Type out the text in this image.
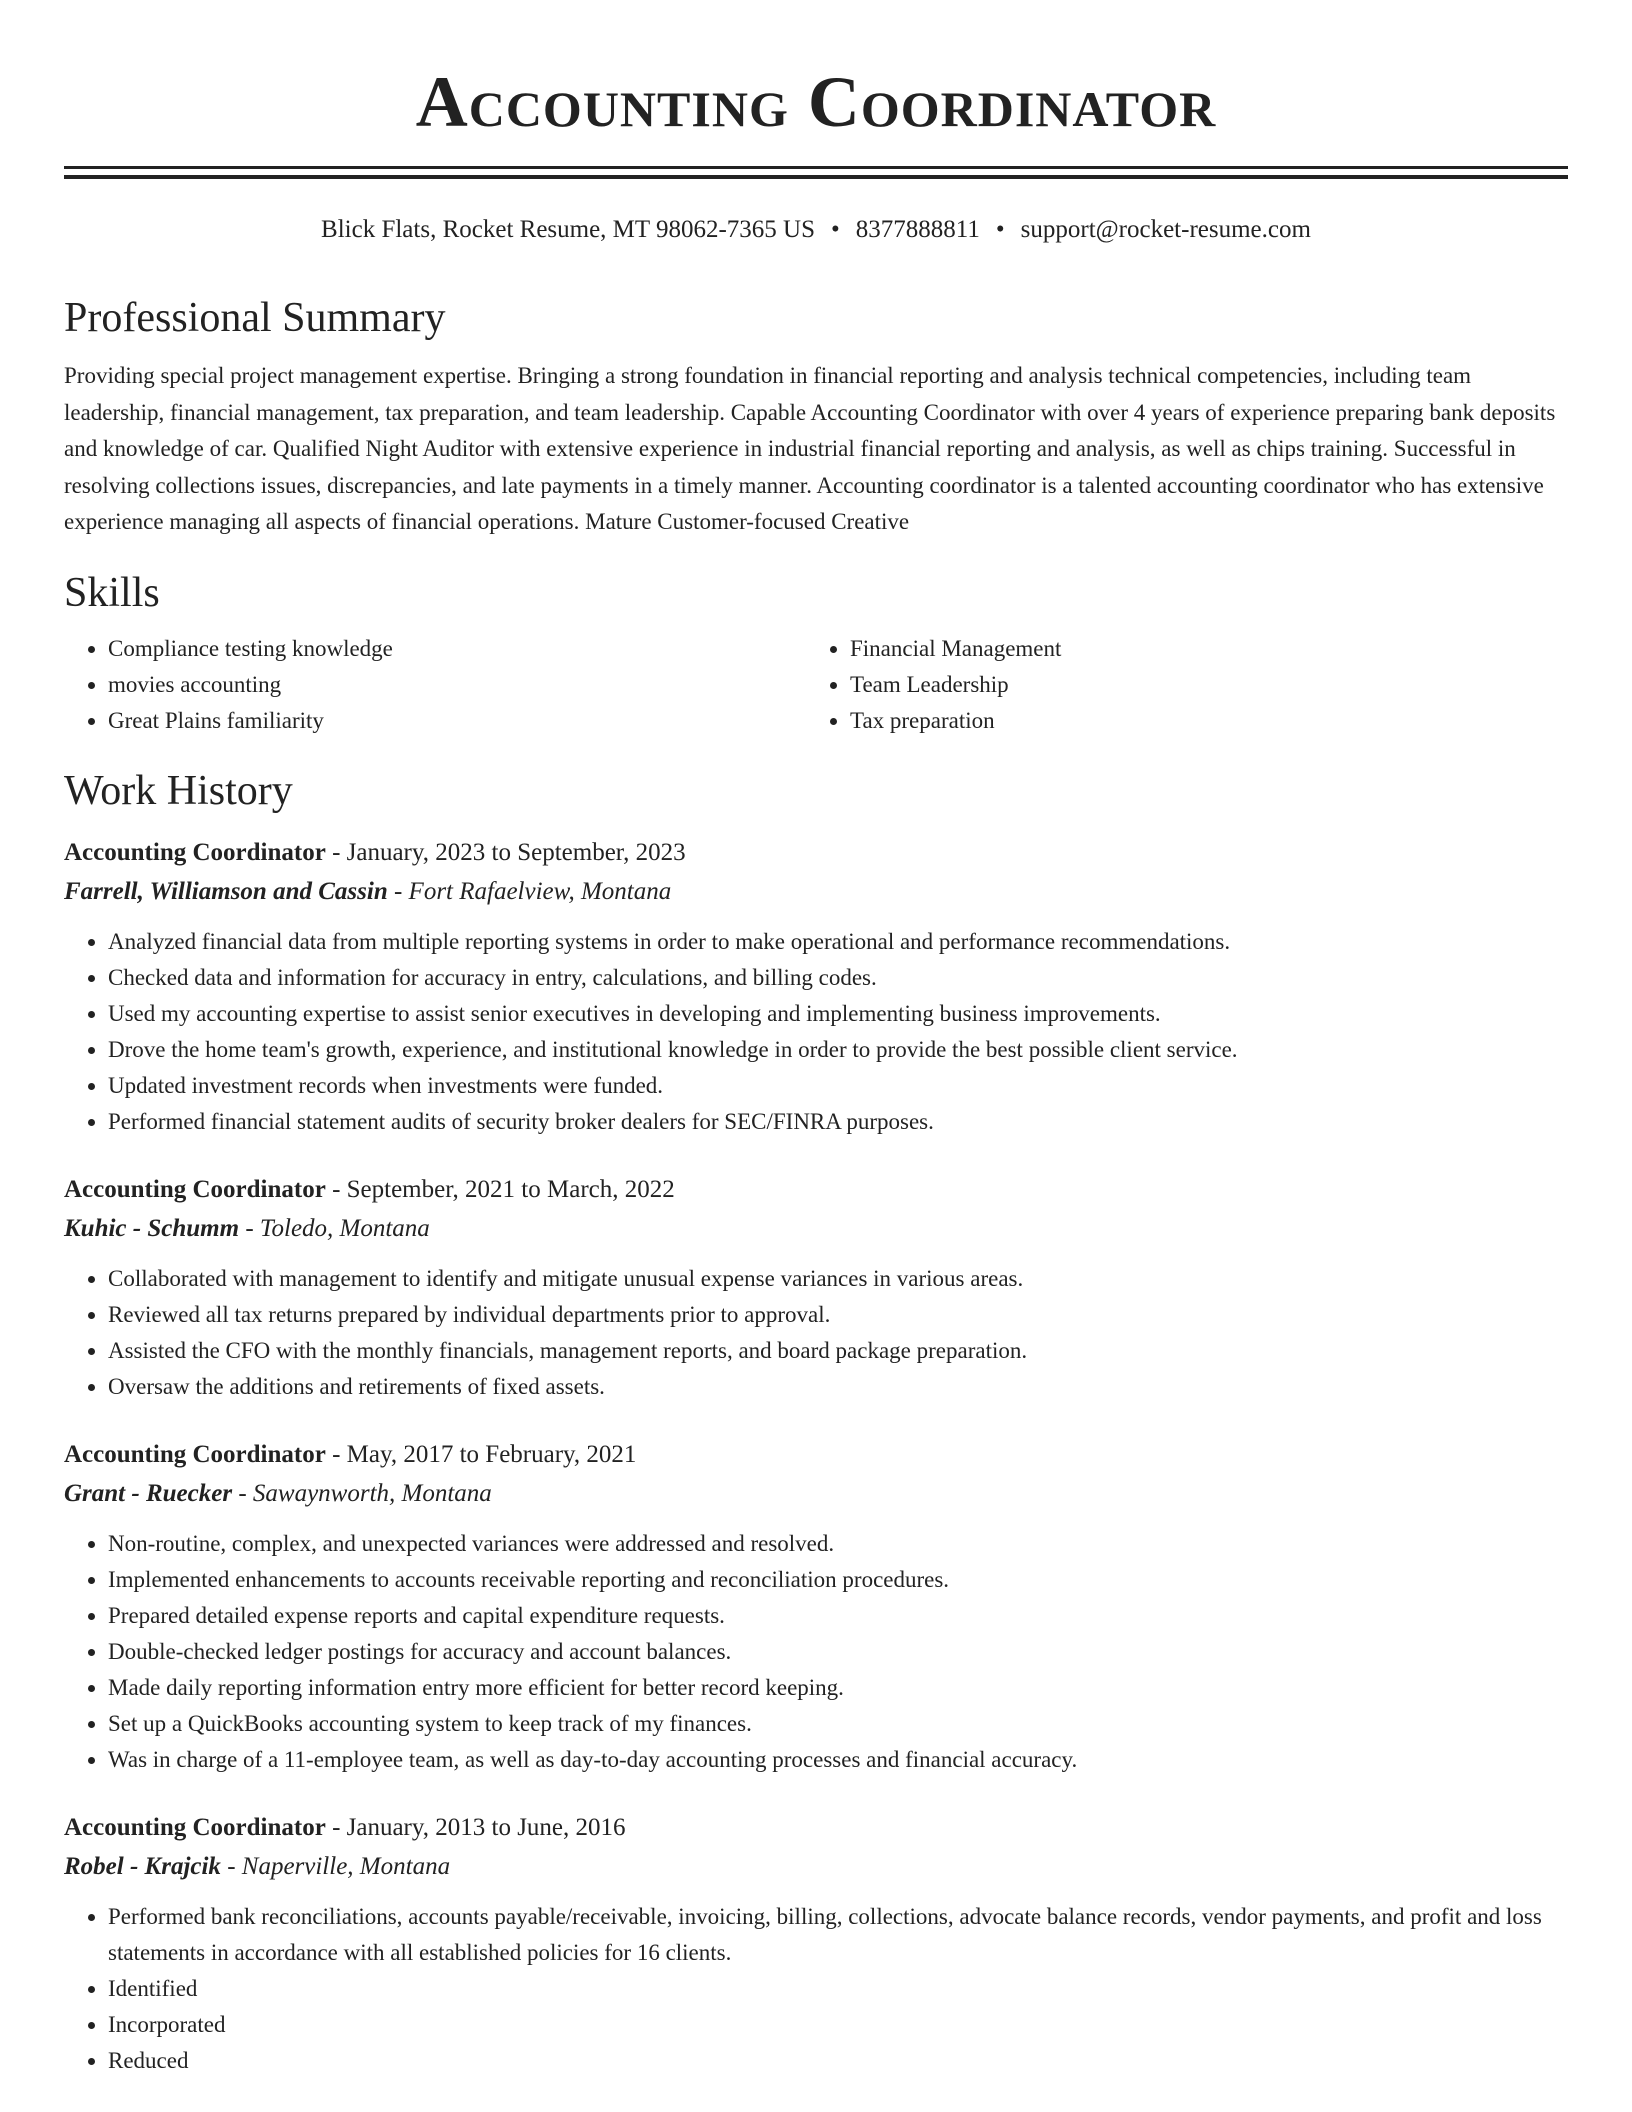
Accounting Coordinator
Blick Flats, Rocket Resume, MT 98062-7365 US • 8377888811 • support@rocket-resume.com
Professional Summary
Providing special project management expertise. Bringing a strong foundation in financial reporting and analysis technical competencies, including team leadership, financial management, tax preparation, and team leadership. Capable Accounting Coordinator with over 4 years of experience preparing bank deposits and knowledge of car. Qualified Night Auditor with extensive experience in industrial financial reporting and analysis, as well as chips training. Successful in resolving collections issues, discrepancies, and late payments in a timely manner. Accounting coordinator is a talented accounting coordinator who has extensive experience managing all aspects of financial operations. Mature Customer-focused Creative
Skills
• Compliance testing knowledge
• movies accounting
• Great Plains familiarity
• Financial Management
• Team Leadership
• Tax preparation
Work History
Accounting Coordinator - January, 2023 to September, 2023
Farrell, Williamson and Cassin - Fort Rafaelview, Montana
• Analyzed financial data from multiple reporting systems in order to make operational and performance recommendations.
• Checked data and information for accuracy in entry, calculations, and billing codes.
• Used my accounting expertise to assist senior executives in developing and implementing business improvements.
• Drove the home team's growth, experience, and institutional knowledge in order to provide the best possible client service.
• Updated investment records when investments were funded.
• Performed financial statement audits of security broker dealers for SEC/FINRA purposes.
Accounting Coordinator - September, 2021 to March, 2022
Kuhic - Schumm - Toledo, Montana
• Collaborated with management to identify and mitigate unusual expense variances in various areas.
• Reviewed all tax returns prepared by individual departments prior to approval.
• Assisted the CFO with the monthly financials, management reports, and board package preparation.
• Oversaw the additions and retirements of fixed assets.
Accounting Coordinator - May, 2017 to February, 2021
Grant - Ruecker - Sawaynworth, Montana
• Non-routine, complex, and unexpected variances were addressed and resolved.
• Implemented enhancements to accounts receivable reporting and reconciliation procedures.
• Prepared detailed expense reports and capital expenditure requests.
• Double-checked ledger postings for accuracy and account balances.
• Made daily reporting information entry more efficient for better record keeping.
• Set up a QuickBooks accounting system to keep track of my finances.
• Was in charge of a 11-employee team, as well as day-to-day accounting processes and financial accuracy.
Accounting Coordinator - January, 2013 to June, 2016
Robel - Krajcik - Naperville, Montana
• Performed bank reconciliations, accounts payable/receivable, invoicing, billing, collections, advocate balance records, vendor payments, and profit and loss statements in accordance with all established policies for 16 clients.
• Identified
• Incorporated
• Reduced
